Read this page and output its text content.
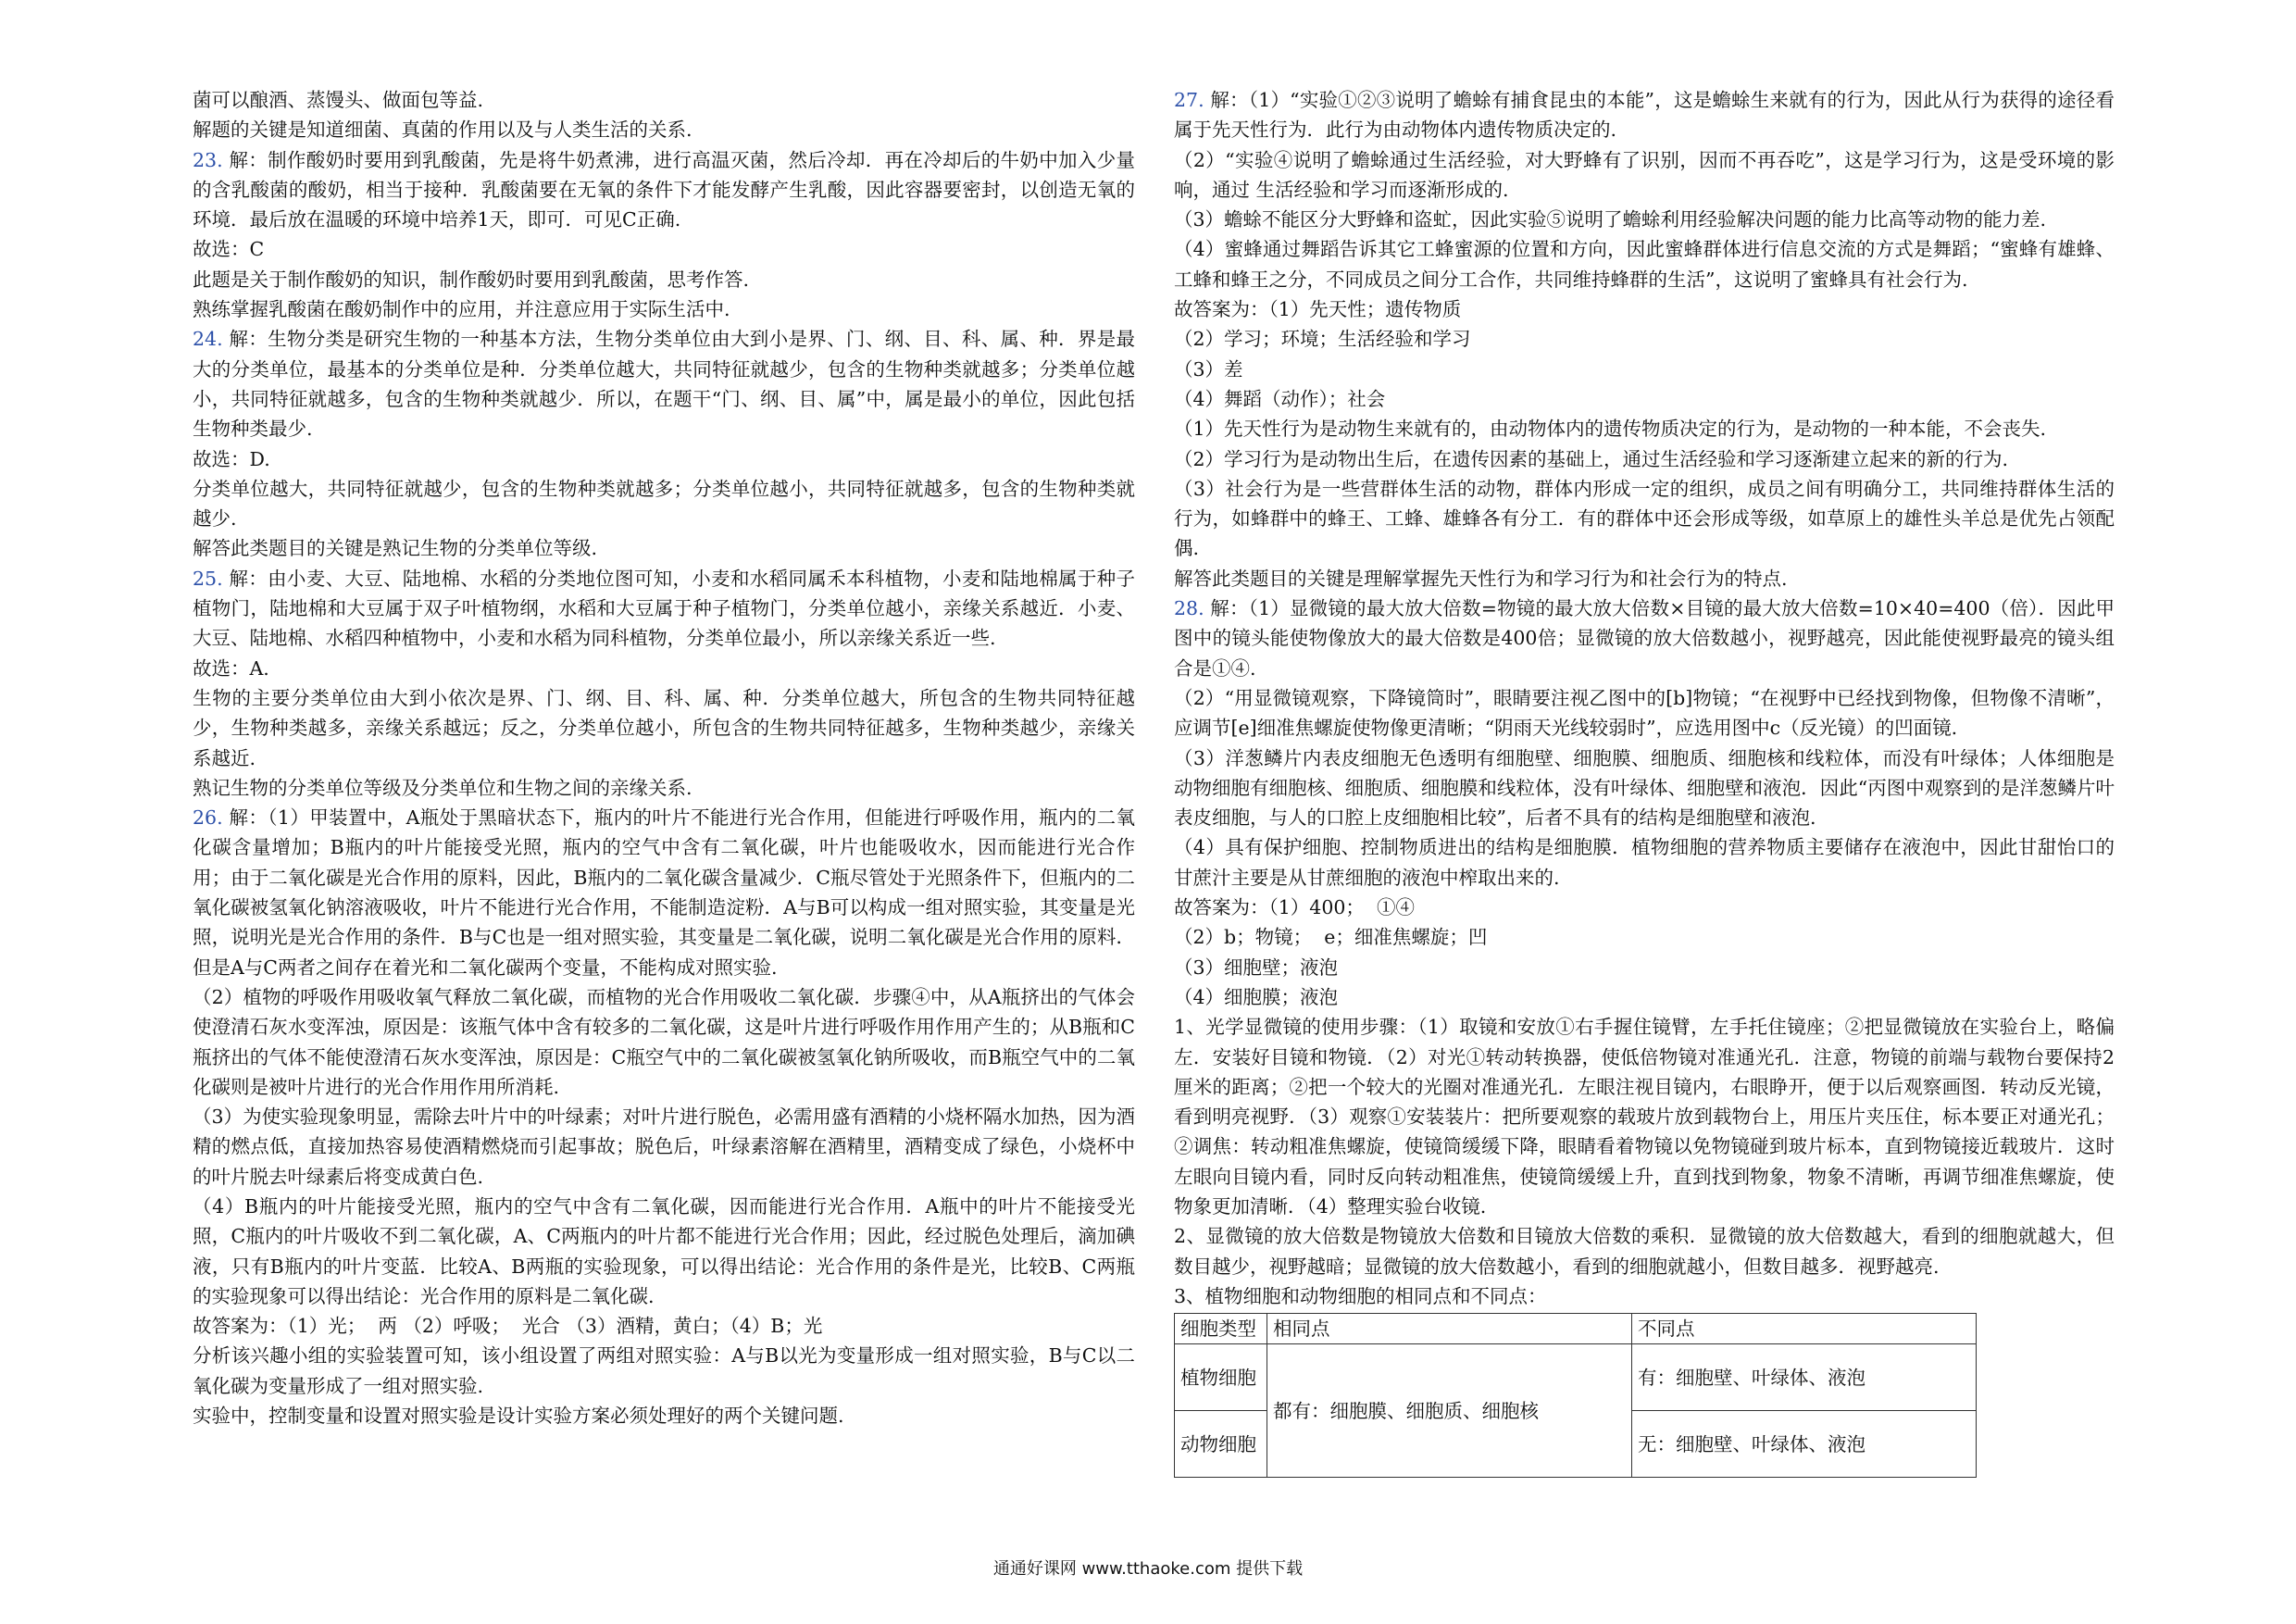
菌可以酿酒、蒸馒头、做面包等益.

解题的关键是知道细菌、真菌的作用以及与人类生活的关系.

23. 解：制作酸奶时要用到乳酸菌，先是将牛奶煮沸，进行高温灭菌，然后冷却．再在冷却后的牛奶中加入少量的含乳酸菌的酸奶，相当于接种．乳酸菌要在无氧的条件下才能发酵产生乳酸，因此容器要密封，以创造无氧的环境．最后放在温暖的环境中培养1天，即可．可见C正确.

故选：C

此题是关于制作酸奶的知识，制作酸奶时要用到乳酸菌，思考作答.

熟练掌握乳酸菌在酸奶制作中的应用，并注意应用于实际生活中.

24. 解：生物分类是研究生物的一种基本方法，生物分类单位由大到小是界、门、纲、目、科、属、种．界是最大的分类单位，最基本的分类单位是种．分类单位越大，共同特征就越少，包含的生物种类就越多；分类单位越小，共同特征就越多，包含的生物种类就越少．所以，在题干“门、纲、目、属”中，属是最小的单位，因此包括生物种类最少.

故选：D.

分类单位越大，共同特征就越少，包含的生物种类就越多；分类单位越小，共同特征就越多，包含的生物种类就越少.

解答此类题目的关键是熟记生物的分类单位等级.

25. 解：由小麦、大豆、陆地棉、水稻的分类地位图可知，小麦和水稻同属禾本科植物，小麦和陆地棉属于种子植物门，陆地棉和大豆属于双子叶植物纲，水稻和大豆属于种子植物门，分类单位越小，亲缘关系越近．小麦、大豆、陆地棉、水稻四种植物中，小麦和水稻为同科植物，分类单位最小，所以亲缘关系近一些.

故选：A.

生物的主要分类单位由大到小依次是界、门、纲、目、科、属、种．分类单位越大，所包含的生物共同特征越少，生物种类越多，亲缘关系越远；反之，分类单位越小，所包含的生物共同特征越多，生物种类越少，亲缘关系越近.

熟记生物的分类单位等级及分类单位和生物之间的亲缘关系.

26. 解：（1）甲装置中，A瓶处于黑暗状态下，瓶内的叶片不能进行光合作用，但能进行呼吸作用，瓶内的二氧化碳含量增加；B瓶内的叶片能接受光照，瓶内的空气中含有二氧化碳，叶片也能吸收水，因而能进行光合作用；由于二氧化碳是光合作用的原料，因此，B瓶内的二氧化碳含量减少．C瓶尽管处于光照条件下，但瓶内的二氧化碳被氢氧化钠溶液吸收，叶片不能进行光合作用，不能制造淀粉．A与B可以构成一组对照实验，其变量是光照，说明光是光合作用的条件．B与C也是一组对照实验，其变量是二氧化碳，说明二氧化碳是光合作用的原料．但是A与C两者之间存在着光和二氧化碳两个变量，不能构成对照实验.

（2）植物的呼吸作用吸收氧气释放二氧化碳，而植物的光合作用吸收二氧化碳．步骤④中，从A瓶挤出的气体会使澄清石灰水变浑浊，原因是：该瓶气体中含有较多的二氧化碳，这是叶片进行呼吸作用作用产生的；从B瓶和C瓶挤出的气体不能使澄清石灰水变浑浊，原因是：C瓶空气中的二氧化碳被氢氧化钠所吸收，而B瓶空气中的二氧化碳则是被叶片进行的光合作用作用所消耗.

（3）为使实验现象明显，需除去叶片中的叶绿素；对叶片进行脱色，必需用盛有酒精的小烧杯隔水加热，因为酒精的燃点低，直接加热容易使酒精燃烧而引起事故；脱色后，叶绿素溶解在酒精里，酒精变成了绿色，小烧杯中的叶片脱去叶绿素后将变成黄白色.

（4）B瓶内的叶片能接受光照，瓶内的空气中含有二氧化碳，因而能进行光合作用．A瓶中的叶片不能接受光照，C瓶内的叶片吸收不到二氧化碳，A、C两瓶内的叶片都不能进行光合作用；因此，经过脱色处理后，滴加碘液，只有B瓶内的叶片变蓝．比较A、B两瓶的实验现象，可以得出结论：光合作用的条件是光，比较B、C两瓶的实验现象可以得出结论：光合作用的原料是二氧化碳.

故答案为：（1）光；  两 （2）呼吸；  光合 （3）酒精，黄白；（4）B；光

分析该兴趣小组的实验装置可知，该小组设置了两组对照实验：A与B以光为变量形成一组对照实验，B与C以二氧化碳为变量形成了一组对照实验.

实验中，控制变量和设置对照实验是设计实验方案必须处理好的两个关键问题.

27. 解：（1）“实验①②③说明了蟾蜍有捕食昆虫的本能”，这是蟾蜍生来就有的行为，因此从行为获得的途径看属于先天性行为．此行为由动物体内遗传物质决定的.

（2）“实验④说明了蟾蜍通过生活经验，对大野蜂有了识别，因而不再吞吃”，这是学习行为，这是受环境的影响，通过 生活经验和学习而逐渐形成的.

（3）蟾蜍不能区分大野蜂和盗虻，因此实验⑤说明了蟾蜍利用经验解决问题的能力比高等动物的能力差.

（4）蜜蜂通过舞蹈告诉其它工蜂蜜源的位置和方向，因此蜜蜂群体进行信息交流的方式是舞蹈；“蜜蜂有雄蜂、工蜂和蜂王之分，不同成员之间分工合作，共同维持蜂群的生活”，这说明了蜜蜂具有社会行为.

故答案为：（1）先天性；遗传物质

（2）学习；环境；生活经验和学习

（3）差

（4）舞蹈（动作）；社会

（1）先天性行为是动物生来就有的，由动物体内的遗传物质决定的行为，是动物的一种本能，不会丧失.

（2）学习行为是动物出生后，在遗传因素的基础上，通过生活经验和学习逐渐建立起来的新的行为.

（3）社会行为是一些营群体生活的动物，群体内形成一定的组织，成员之间有明确分工，共同维持群体生活的行为，如蜂群中的蜂王、工蜂、雄蜂各有分工．有的群体中还会形成等级，如草原上的雄性头羊总是优先占领配偶.

解答此类题目的关键是理解掌握先天性行为和学习行为和社会行为的特点.

28. 解：（1）显微镜的最大放大倍数=物镜的最大放大倍数×目镜的最大放大倍数=10×40=400（倍）．因此甲图中的镜头能使物像放大的最大倍数是400倍；显微镜的放大倍数越小，视野越亮，因此能使视野最亮的镜头组合是①④.

（2）“用显微镜观察，下降镜筒时”，眼睛要注视乙图中的[b]物镜；“在视野中已经找到物像，但物像不清晰”，应调节[e]细准焦螺旋使物像更清晰；“阴雨天光线较弱时”，应选用图中c（反光镜）的凹面镜.

（3）洋葱鳞片内表皮细胞无色透明有细胞壁、细胞膜、细胞质、细胞核和线粒体，而没有叶绿体；人体细胞是动物细胞有细胞核、细胞质、细胞膜和线粒体，没有叶绿体、细胞壁和液泡．因此“丙图中观察到的是洋葱鳞片叶表皮细胞，与人的口腔上皮细胞相比较”，后者不具有的结构是细胞壁和液泡.

（4）具有保护细胞、控制物质进出的结构是细胞膜．植物细胞的营养物质主要储存在液泡中，因此甘甜怡口的甘蔗汁主要是从甘蔗细胞的液泡中榨取出来的.

故答案为：（1）400；  ①④

（2）b；物镜；  e；细准焦螺旋；凹

（3）细胞壁；液泡

（4）细胞膜；液泡

1、光学显微镜的使用步骤：（1）取镜和安放①右手握住镜臂，左手托住镜座；②把显微镜放在实验台上，略偏左．安装好目镜和物镜．（2）对光①转动转换器，使低倍物镜对准通光孔．注意，物镜的前端与载物台要保持2厘米的距离；②把一个较大的光圈对准通光孔．左眼注视目镜内，右眼睁开，便于以后观察画图．转动反光镜，看到明亮视野．（3）观察①安装装片：把所要观察的载玻片放到载物台上，用压片夹压住，标本要正对通光孔；②调焦：转动粗准焦螺旋，使镜筒缓缓下降，眼睛看着物镜以免物镜碰到玻片标本，直到物镜接近载玻片．这时左眼向目镜内看，同时反向转动粗准焦，使镜筒缓缓上升，直到找到物象，物象不清晰，再调节细准焦螺旋，使物象更加清晰．（4）整理实验台收镜.

2、显微镜的放大倍数是物镜放大倍数和目镜放大倍数的乘积．显微镜的放大倍数越大，看到的细胞就越大，但数目越少，视野越暗；显微镜的放大倍数越小，看到的细胞就越小，但数目越多．视野越亮.

3、植物细胞和动物细胞的相同点和不同点：

细胞类型	相同点	不同点
植物细胞	都有：细胞膜、细胞质、细胞核	有：细胞壁、叶绿体、液泡
动物细胞		无：细胞壁、叶绿体、液泡
通通好课网 www.tthaoke.com 提供下载
